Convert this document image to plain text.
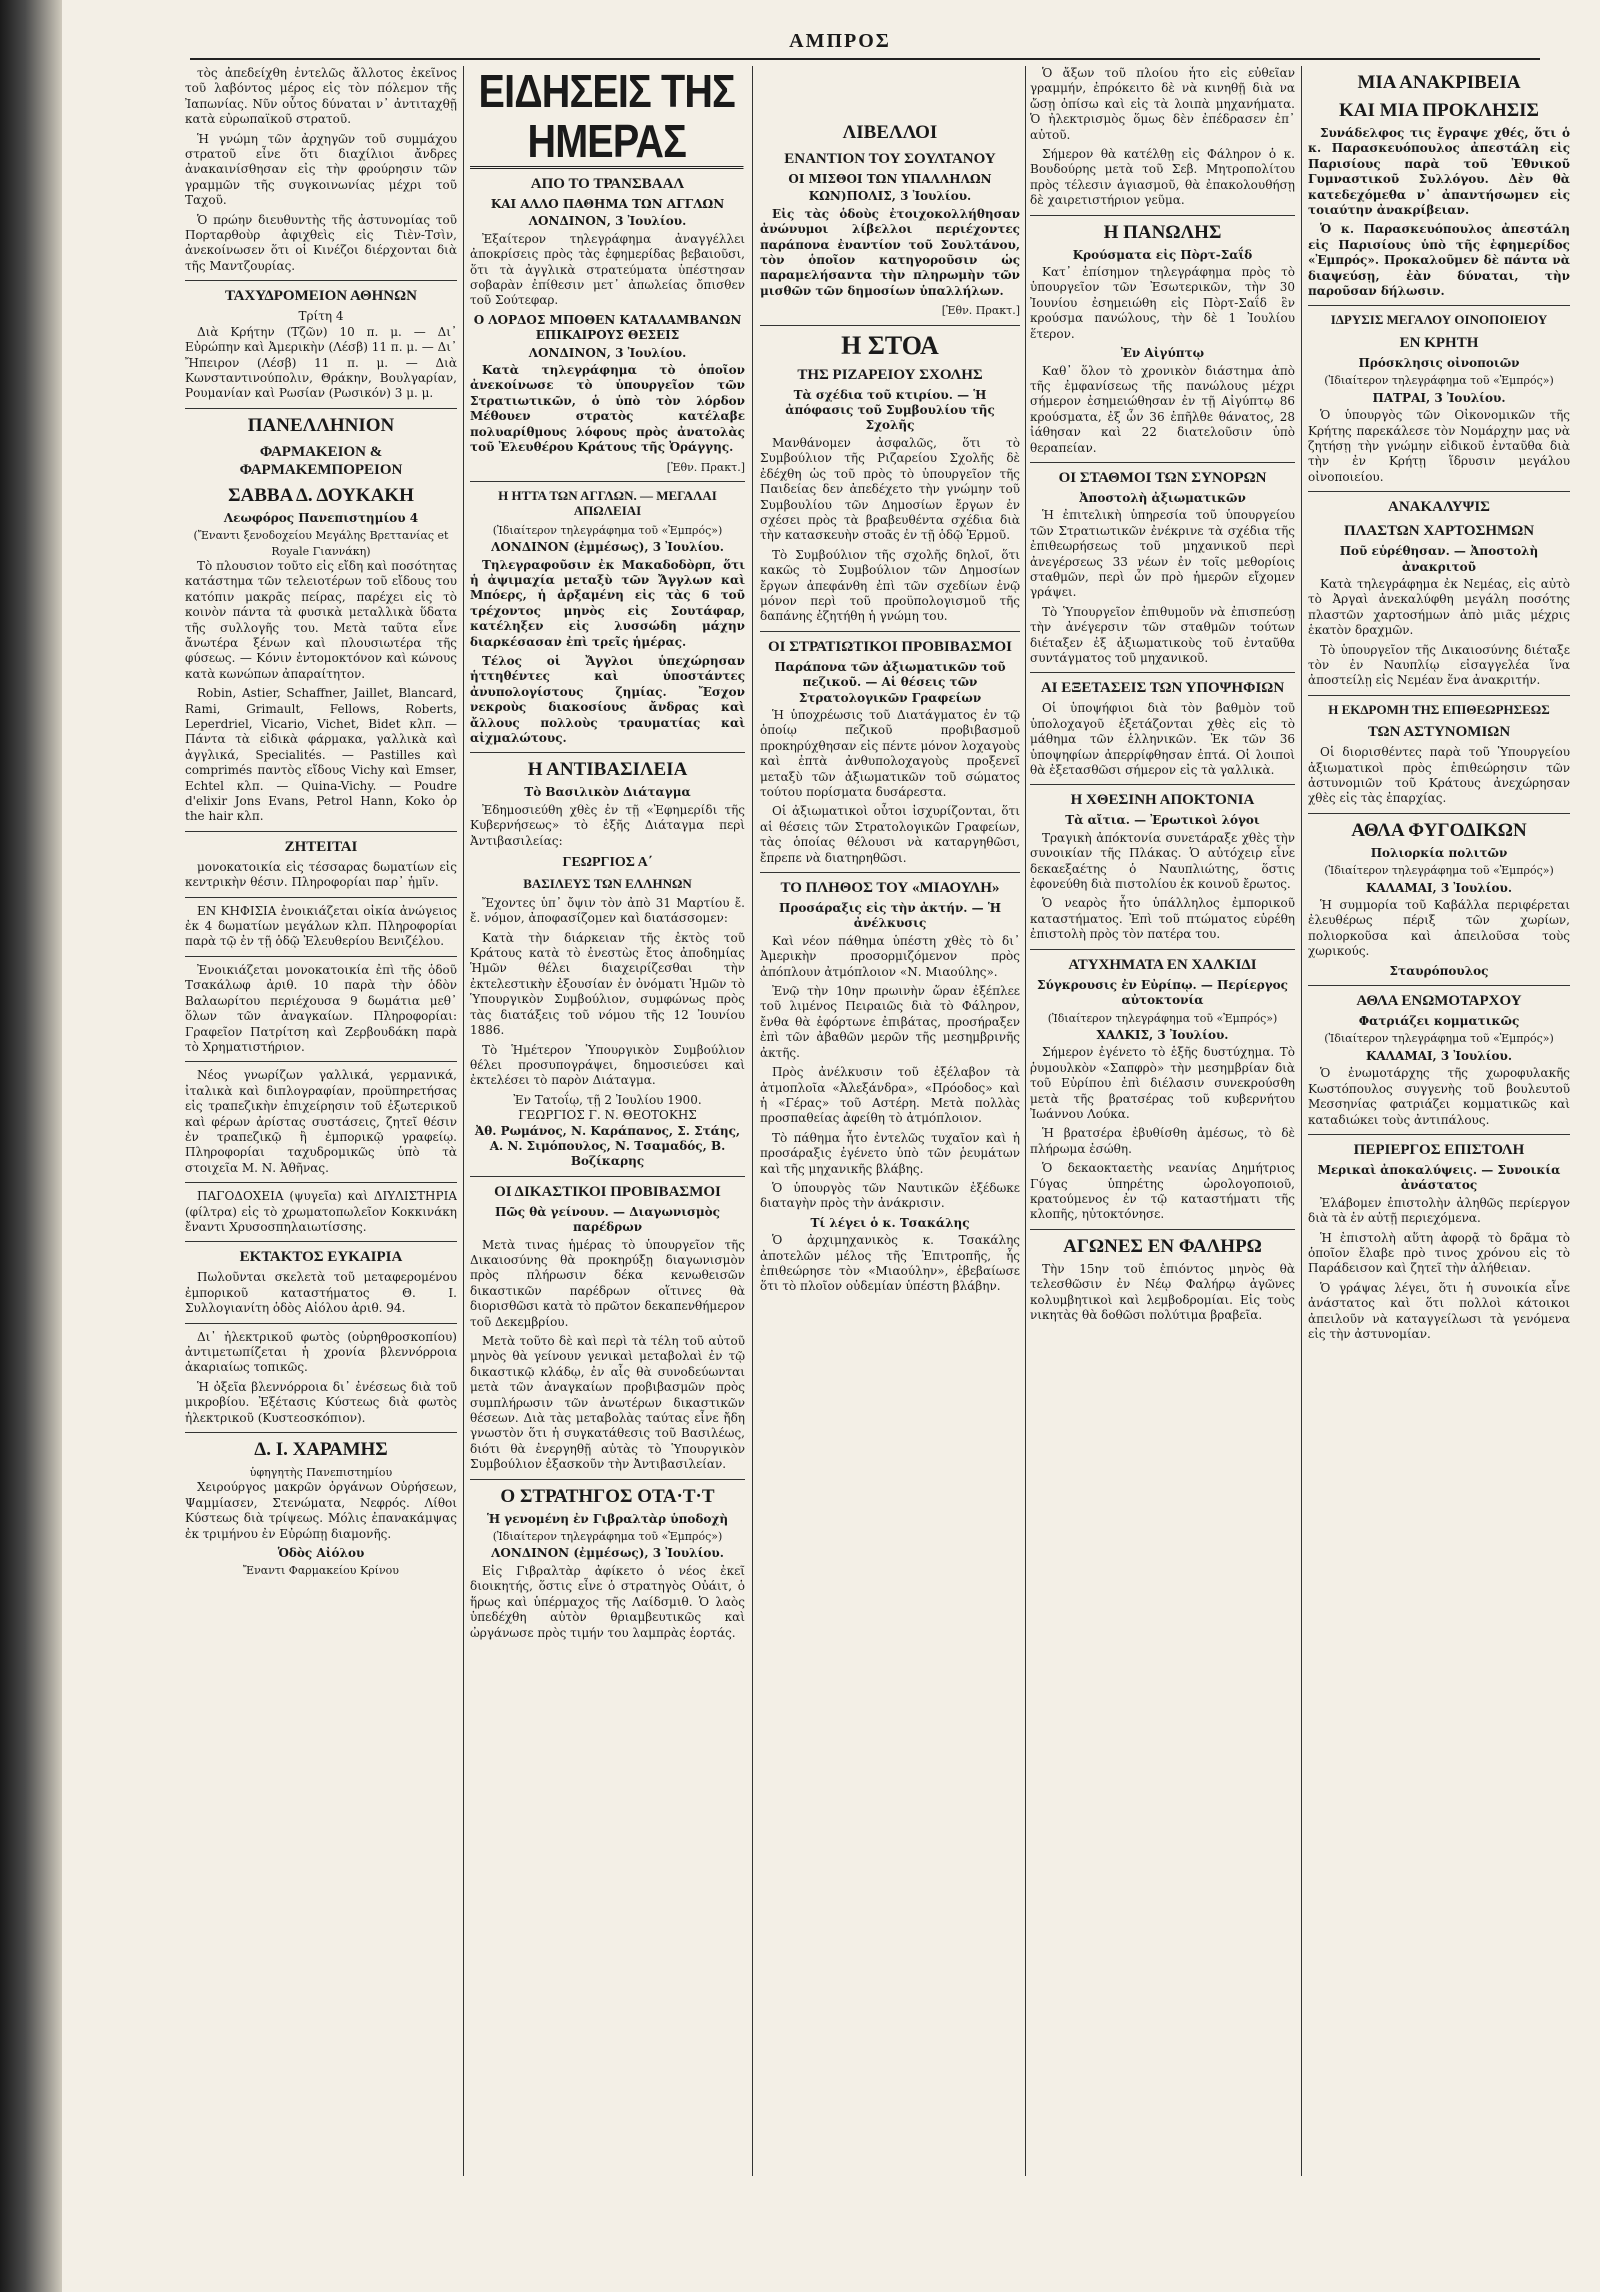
ΑΜΠΡΟΣ

τὸς ἀπεδείχθη ἐντελῶς ἄλλοτος ἐκεῖνος τοῦ λαβόντος μέρος εἰς τὸν πόλεμον τῆς Ἰαπωνίας. Νῦν οὗτος δύναται ν᾽ ἀντιταχθῇ κατὰ εὐρωπαϊκοῦ στρατοῦ.

Ἡ γνώμη τῶν ἀρχηγῶν τοῦ συμμάχου στρατοῦ εἶνε ὅτι διαχίλιοι ἄνδρες ἀνακαινίσθησαν εἰς τὴν φρούρησιν τῶν γραμμῶν τῆς συγκοινωνίας μέχρι τοῦ Ταχοῦ.

Ὁ πρώην διευθυντὴς τῆς ἀστυνομίας τοῦ Πορταρθοὺρ ἀφιχθεὶς εἰς Τιὲν-Τσὶν, ἀνεκοίνωσεν ὅτι οἱ Κινέζοι διέρχονται διὰ τῆς Μαντζουρίας.

ΤΑΧΥΔΡΟΜΕΙΟΝ ΑΘΗΝΩΝ
Τρίτη 4

Διὰ Κρήτην (Τζῶν) 10 π. μ. — Δι᾽ Εὐρώπην καὶ Ἀμερικὴν (Λέσβ) 11 π. μ. — Δι᾽ Ἤπειρον (Λέσβ) 11 π. μ. — Διὰ Κωνσταντινούπολιν, Θράκην, Βουλγαρίαν, Ρουμανίαν καὶ Ρωσίαν (Ρωσικόν) 3 μ. μ.

ΠΑΝΕΛΛΗΝΙΟΝ
ΦΑΡΜΑΚΕΙΟΝ & ΦΑΡΜΑΚΕΜΠΟΡΕΙΟΝ
ΣΑΒΒΑ Δ. ΔΟΥΚΑΚΗ
Λεωφόρος Πανεπιστημίου 4
(Ἔναντι ξενοδοχείου Μεγάλης Βρεττανίας et Royale Γιαννάκη)

Τὸ πλουσιον τοῦτο εἰς εἴδη καὶ ποσότητας κατάστημα τῶν τελειοτέρων τοῦ εἴδους του κατόπιν μακρᾶς πείρας, παρέχει εἰς τὸ κοινὸν πάντα τὰ φυσικὰ μεταλλικὰ ὕδατα τῆς συλλογῆς του. Μετὰ ταῦτα εἶνε ἄνωτέρα ξένων καὶ πλουσιωτέρα τῆς φύσεως. — Κόνιν ἐντομοκτόνον καὶ κώνους κατὰ κωνώπων ἀπαραίτητον.

Robin, Astier, Schaffner, Jaillet, Blancard, Rami, Grimault, Fellows, Roberts, Leperdriel, Vicario, Vichet, Bidet κλπ. — Πάντα τὰ εἰδικὰ φάρμακα, γαλλικὰ καὶ ἀγγλικά, Specialités. — Pastilles καὶ comprimés παντὸς εἴδους Vichy καὶ Emser, Echtel κλπ. — Quina-Vichy. — Poudre d'elixir Jons Evans, Petrol Hann, Koko ὀρ the hair κλπ.

ΖΗΤΕΙΤΑΙ

μονοκατοικία εἰς τέσσαρας δωματίων εἰς κεντρικὴν θέσιν. Πληροφορίαι παρ᾽ ἡμῖν.

ΕΝ ΚΗΦΙΣΙΑ ἐνοικιάζεται οἰκία ἀνώγειος ἐκ 4 δωματίων μεγάλων κλπ. Πληροφορίαι παρὰ τῷ ἐν τῇ ὁδῷ Ἐλευθερίου Βενιζέλου.

Ἐνοικιάζεται μονοκατοικία ἐπὶ τῆς ὁδοῦ Τσακάλωφ ἀριθ. 10 παρὰ τὴν ὁδὸν Βαλαωρίτου περιέχουσα 9 δωμάτια μεθ᾽ ὅλων τῶν ἀναγκαίων. Πληροφορίαι: Γραφεῖον Πατρίτση καὶ Ζερβουδάκη παρὰ τὸ Χρηματιστήριον.

Νέος γνωρίζων γαλλικά, γερμανικά, ἰταλικὰ καὶ διπλογραφίαν, προϋπηρετήσας εἰς τραπεζικὴν ἐπιχείρησιν τοῦ ἐξωτερικοῦ καὶ φέρων ἀρίστας συστάσεις, ζητεῖ θέσιν ἐν τραπεζικῷ ἢ ἐμπορικῷ γραφείῳ. Πληροφορίαι ταχυδρομικῶς ὑπὸ τὰ στοιχεῖα Μ. Ν. Ἀθῆνας.

ΠΑΓΟΔΟΧΕΙΑ (ψυγεῖα) καὶ ΔΙΥΛΙΣΤΗΡΙΑ (φίλτρα) εἰς τὸ χρωματοπωλεῖον Κοκκινάκη ἔναντι Χρυσοσπηλαιωτίσσης.

ΕΚΤΑΚΤΟΣ ΕΥΚΑΙΡΙΑ

Πωλοῦνται σκελετὰ τοῦ μεταφερομένου ἐμπορικοῦ καταστήματος Θ. Ι. Συλλογιανίτη ὁδὸς Αἰόλου ἀριθ. 94.

Δι᾽ ἠλεκτρικοῦ φωτὸς (οὐρηθροσκοπίου) ἀντιμετωπίζεται ἡ χρονία βλεννόρροια ἀκαριαίως τοπικῶς.

Ἡ ὀξεῖα βλεννόρροια δι᾽ ἐνέσεως διὰ τοῦ μικροβίου. Ἐξέτασις Κύστεως διὰ φωτὸς ἠλεκτρικοῦ (Κυστεοσκόπιον).

Δ. Ι. ΧΑΡΑΜΗΣ
ὑφηγητὴς Πανεπιστημίου

Χειρούργος μακρῶν ὀργάνων Οὐρήσεων, Ψαμμίασεν, Στενώματα, Νεφρός. Λίθοι Κύστεως διὰ τρίψεως. Μόλις ἐπανακάμψας ἐκ τριμήνου ἐν Εὐρώπῃ διαμονῆς.

Ὁδὸς Αἰόλου
Ἔναντι Φαρμακείου Κρίνου
ΕΙΔΗΣΕΙΣ ΤΗΣ ΗΜΕΡΑΣ
ΑΠΟ ΤΟ ΤΡΑΝΣΒΑΑΛ
ΚΑΙ ΑΛΛΟ ΠΑΘΗΜΑ ΤΩΝ ΑΓΓΛΩΝ
ΛΟΝΔΙΝΟΝ, 3 Ἰουλίου.

Ἐξαίτερον τηλεγράφημα ἀναγγέλλει ἀποκρίσεις πρὸς τὰς ἐφημερίδας βεβαιοῦσι, ὅτι τὰ ἀγγλικὰ στρατεύματα ὑπέστησαν σοβαρὰν ἐπίθεσιν μετ᾽ ἀπωλείας ὄπισθεν τοῦ Σούτεφαρ.

Ο ΛΟΡΔΟΣ ΜΠΟΘΕΝ ΚΑΤΑΛΑΜΒΑΝΩΝ ΕΠΙΚΑΙΡΟΥΣ ΘΕΣΕΙΣ
ΛΟΝΔΙΝΟΝ, 3 Ἰουλίου.

Κατὰ τηλεγράφημα τὸ ὁποῖον ἀνεκοίνωσε τὸ ὑπουργεῖον τῶν Στρατιωτικῶν, ὁ ὑπὸ τὸν λόρδον Μέθουεν στρατὸς κατέλαβε πολυαρίθμους λόφους πρὸς ἀνατολὰς τοῦ Ἐλευθέρου Κράτους τῆς Ὀράγγης.

[Ἐθν. Πρακτ.]
Η ΗΤΤΑ ΤΩΝ ΑΓΓΛΩΝ. — ΜΕΓΑΛΑΙ ΑΠΩΛΕΙΑΙ
(Ἰδιαίτερον τηλεγράφημα τοῦ «Ἐμπρός»)
ΛΟΝΔΙΝΟΝ (ἐμμέσως), 3 Ἰουλίου.

Τηλεγραφοῦσιν ἐκ Μακαδοδὸρπ, ὅτι ἡ ἀψιμαχία μεταξὺ τῶν Ἄγγλων καὶ Μπόερς, ἡ ἀρξαμένη εἰς τὰς 6 τοῦ τρέχοντος μηνὸς εἰς Σουτάφαρ, κατέληξεν εἰς λυσσώδη μάχην διαρκέσασαν ἐπὶ τρεῖς ἡμέρας.

Τέλος οἱ Ἄγγλοι ὑπεχώρησαν ἡττηθέντες καὶ ὑποστάντες ἀνυπολογίστους ζημίας. Ἔσχον νεκροὺς διακοσίους ἄνδρας καὶ ἄλλους πολλοὺς τραυματίας καὶ αἰχμαλώτους.

Η ΑΝΤΙΒΑΣΙΛΕΙΑ
Τὸ Βασιλικὸν Διάταγμα

Ἐδημοσιεύθη χθὲς ἐν τῇ «Ἐφημερίδι τῆς Κυβερνήσεως» τὸ ἑξῆς Διάταγμα περὶ Ἀντιβασιλείας:

ΓΕΩΡΓΙΟΣ Α΄
ΒΑΣΙΛΕΥΣ ΤΩΝ ΕΛΛΗΝΩΝ

Ἔχοντες ὑπ᾽ ὄψιν τὸν ἀπὸ 31 Μαρτίου ἔ. ἔ. νόμον, ἀποφασίζομεν καὶ διατάσσομεν:

Κατὰ τὴν διάρκειαν τῆς ἐκτὸς τοῦ Κράτους κατὰ τὸ ἐνεστὼς ἔτος ἀποδημίας Ἡμῶν θέλει διαχειρίζεσθαι τὴν ἐκτελεστικὴν ἐξουσίαν ἐν ὀνόματι Ἡμῶν τὸ Ὑπουργικὸν Συμβούλιον, συμφώνως πρὸς τὰς διατάξεις τοῦ νόμου τῆς 12 Ἰουνίου 1886.

Τὸ Ἡμέτερον Ὑπουργικὸν Συμβούλιον θέλει προσυπογράψει, δημοσιεύσει καὶ ἐκτελέσει τὸ παρὸν Διάταγμα.

Ἐν Τατοΐῳ, τῇ 2 Ἰουλίου 1900.
ΓΕΩΡΓΙΟΣ Γ. Ν. ΘΕΟΤΟΚΗΣ
Ἀθ. Ρωμάνος, Ν. Καράπανος, Σ. Στάης, Α. Ν. Σιμόπουλος, Ν. Τσαμαδός, Β. Βοζίκαρης
ΟΙ ΔΙΚΑΣΤΙΚΟΙ ΠΡΟΒΙΒΑΣΜΟΙ
Πῶς θὰ γείνουν. — Διαγωνισμὸς παρέδρων

Μετὰ τινας ἡμέρας τὸ ὑπουργεῖον τῆς Δικαιοσύνης θὰ προκηρύξῃ διαγωνισμὸν πρὸς πλήρωσιν δέκα κενωθεισῶν δικαστικῶν παρέδρων οἵτινες θὰ διορισθῶσι κατὰ τὸ πρῶτον δεκαπενθήμερον τοῦ Δεκεμβρίου.

Μετὰ τοῦτο δὲ καὶ περὶ τὰ τέλη τοῦ αὐτοῦ μηνὸς θὰ γείνουν γενικαὶ μεταβολαὶ ἐν τῷ δικαστικῷ κλάδῳ, ἐν αἷς θὰ συνοδεύωνται μετὰ τῶν ἀναγκαίων προβιβασμῶν πρὸς συμπλήρωσιν τῶν ἀνωτέρων δικαστικῶν θέσεων. Διὰ τὰς μεταβολὰς ταύτας εἶνε ἤδη γνωστὸν ὅτι ἡ συγκατάθεσις τοῦ Βασιλέως, διότι θὰ ἐνεργηθῇ αὐτὰς τὸ Ὑπουργικὸν Συμβούλιον ἐξασκοῦν τὴν Ἀντιβασιλείαν.

Ο ΣΤΡΑΤΗΓΟΣ ΟΤΑ·Τ·Τ
Ἡ γενομένη ἐν Γιβραλτὰρ ὑποδοχὴ
(Ἰδιαίτερον τηλεγράφημα τοῦ «Ἐμπρός»)
ΛΟΝΔΙΝΟΝ (ἐμμέσως), 3 Ἰουλίου.

Εἰς Γιβραλτὰρ ἀφίκετο ὁ νέος ἐκεῖ διοικητής, ὅστις εἶνε ὁ στρατηγὸς Οὐάιτ, ὁ ἥρως καὶ ὑπέρμαχος τῆς Λαίδσμιθ. Ὁ λαὸς ὑπεδέχθη αὐτὸν θριαμβευτικῶς καὶ ὠργάνωσε πρὸς τιμήν του λαμπρὰς ἑορτάς.

ΛΙΒΕΛΛΟΙ
ΕΝΑΝΤΙΟΝ ΤΟΥ ΣΟΥΛΤΑΝΟΥ
ΟΙ ΜΙΣΘΟΙ ΤΩΝ ΥΠΑΛΛΗΛΩΝ
ΚΩΝ)ΠΟΛΙΣ, 3 Ἰουλίου.

Εἰς τὰς ὁδοὺς ἐτοιχοκολλήθησαν ἀνώνυμοι λίβελλοι περιέχοντες παράπονα ἐναντίον τοῦ Σουλτάνου, τὸν ὁποῖον κατηγοροῦσιν ὡς παραμελήσαντα τὴν πληρωμὴν τῶν μισθῶν τῶν δημοσίων ὑπαλλήλων.

[Ἐθν. Πρακτ.]
Η ΣΤΟΑ
ΤΗΣ ΡΙΖΑΡΕΙΟΥ ΣΧΟΛΗΣ
Τὰ σχέδια τοῦ κτιρίου. — Ἡ ἀπόφασις τοῦ Συμβουλίου τῆς Σχολῆς

Μανθάνομεν ἀσφαλῶς, ὅτι τὸ Συμβούλιον τῆς Ριζαρείου Σχολῆς δὲ ἐδέχθη ὡς τοῦ πρὸς τὸ ὑπουργεῖον τῆς Παιδείας δεν ἀπεδέχετο τὴν γνώμην τοῦ Συμβουλίου τῶν Δημοσίων ἔργων ἐν σχέσει πρὸς τὰ βραβευθέντα σχέδια διὰ τὴν κατασκευὴν στοᾶς ἐν τῇ ὁδῷ Ἑρμοῦ.

Τὸ Συμβούλιον τῆς σχολῆς δηλοῖ, ὅτι κακῶς τὸ Συμβούλιον τῶν Δημοσίων ἔργων ἀπεφάνθη ἐπὶ τῶν σχεδίων ἐνῷ μόνον περὶ τοῦ προϋπολογισμοῦ τῆς δαπάνης ἐζητήθη ἡ γνώμη του.

ΟΙ ΣΤΡΑΤΙΩΤΙΚΟΙ ΠΡΟΒΙΒΑΣΜΟΙ
Παράπονα τῶν ἀξιωματικῶν τοῦ πεζικοῦ. — Αἱ θέσεις τῶν Στρατολογικῶν Γραφείων

Ἡ ὑποχρέωσις τοῦ Διατάγματος ἐν τῷ ὁποίῳ πεζικοῦ προβιβασμοῦ προκηρύχθησαν εἰς πέντε μόνον λοχαγοὺς καὶ ἐπτὰ ἀνθυπολοχαγοὺς προξενεῖ μεταξὺ τῶν ἀξιωματικῶν τοῦ σώματος τούτου πορίσματα δυσάρεστα.

Οἱ ἀξιωματικοὶ οὗτοι ἰσχυρίζονται, ὅτι αἱ θέσεις τῶν Στρατολογικῶν Γραφείων, τὰς ὁποίας θέλουσι νὰ καταργηθῶσι, ἔπρεπε νὰ διατηρηθῶσι.

ΤΟ ΠΛΗΘΟΣ ΤΟΥ «ΜΙΑΟΥΛΗ»
Προσάραξις εἰς τὴν ἀκτήν. — Ἡ ἀνέλκυσις

Καὶ νέον πάθημα ὑπέστη χθὲς τὸ δι᾽ Ἀμερικὴν προσορμιζόμενον πρὸς ἀπόπλουν ἀτμόπλοιον «Ν. Μιαούλης».

Ἐνῷ τὴν 10ην πρωινὴν ὥραν ἐξέπλεε τοῦ λιμένος Πειραιῶς διὰ τὸ Φάληρον, ἔνθα θὰ ἐφόρτωνε ἐπιβάτας, προσήραξεν ἐπὶ τῶν ἀβαθῶν μερῶν τῆς μεσημβρινῆς ἀκτῆς.

Πρὸς ἀνέλκυσιν τοῦ ἐξέλαβον τὰ ἀτμοπλοῖα «Ἀλεξάνδρα», «Πρόοδος» καὶ ἡ «Γέρας» τοῦ Αστέρη. Μετὰ πολλὰς προσπαθείας ἀφείθη τὸ ἀτμόπλοιον.

Τὸ πάθημα ἦτο ἐντελῶς τυχαῖον καὶ ἡ προσάραξις ἐγένετο ὑπὸ τῶν ῥευμάτων καὶ τῆς μηχανικῆς βλάβης.

Ὁ ὑπουργὸς τῶν Ναυτικῶν ἐξέδωκε διαταγὴν πρὸς τὴν ἀνάκρισιν.

Τί λέγει ὁ κ. Τσακάλης

Ὁ ἀρχιμηχανικὸς κ. Τσακάλης ἀποτελῶν μέλος τῆς Ἐπιτροπῆς, ἧς ἐπιθεώρησε τὸν «Μιαούλην», ἐβεβαίωσε ὅτι τὸ πλοῖον οὐδεμίαν ὑπέστη βλάβην.

Ὁ ἄξων τοῦ πλοίου ἦτο εἰς εὐθεῖαν γραμμήν, ἐπρόκειτο δὲ νὰ κινηθῇ διὰ να ὤσῃ ὀπίσω καὶ εἰς τὰ λοιπὰ μηχανήματα. Ὁ ἠλεκτρισμὸς ὅμως δὲν ἐπέδρασεν ἐπ᾽ αὐτοῦ.

Σήμερον θὰ κατέλθῃ εἰς Φάληρον ὁ κ. Βουδούρης μετὰ τοῦ Σεβ. Μητροπολίτου πρὸς τέλεσιν ἁγιασμοῦ, θὰ ἐπακολουθήσῃ δὲ χαιρετιστήριον γεῦμα.

Η ΠΑΝΩΛΗΣ
Κρούσματα εἰς Πὸρτ-Σαΐδ

Κατ᾽ ἐπίσημον τηλεγράφημα πρὸς τὸ ὑπουργεῖον τῶν Ἐσωτερικῶν, τὴν 30 Ἰουνίου ἐσημειώθη εἰς Πὸρτ-Σαΐδ ἓν κρούσμα πανώλους, τὴν δὲ 1 Ἰουλίου ἕτερον.

Ἐν Αἰγύπτῳ

Καθ᾽ ὅλον τὸ χρονικὸν διάστημα ἀπὸ τῆς ἐμφανίσεως τῆς πανώλους μέχρι σήμερον ἐσημειώθησαν ἐν τῇ Αἰγύπτῳ 86 κρούσματα, ἐξ ὧν 36 ἐπῆλθε θάνατος, 28 ἰάθησαν καὶ 22 διατελοῦσιν ὑπὸ θεραπείαν.

ΟΙ ΣΤΑΘΜΟΙ ΤΩΝ ΣΥΝΟΡΩΝ
Ἀποστολὴ ἀξιωματικῶν

Ἡ ἐπιτελικὴ ὑπηρεσία τοῦ ὑπουργείου τῶν Στρατιωτικῶν ἐνέκρινε τὰ σχέδια τῆς ἐπιθεωρήσεως τοῦ μηχανικοῦ περὶ ἀνεγέρσεως 33 νέων ἐν τοῖς μεθορίοις σταθμῶν, περὶ ὧν πρὸ ἡμερῶν εἴχομεν γράψει.

Τὸ Ὑπουργεῖον ἐπιθυμοῦν νὰ ἐπισπεύσῃ τὴν ἀνέγερσιν τῶν σταθμῶν τούτων διέταξεν ἐξ ἀξιωματικοὺς τοῦ ἐνταῦθα συντάγματος τοῦ μηχανικοῦ.

ΑΙ ΕΞΕΤΑΣΕΙΣ ΤΩΝ ΥΠΟΨΗΦΙΩΝ

Οἱ ὑποψήφιοι διὰ τὸν βαθμὸν τοῦ ὑπολοχαγοῦ ἐξετάζονται χθὲς εἰς τὸ μάθημα τῶν ἑλληνικῶν. Ἐκ τῶν 36 ὑποψηφίων ἀπερρίφθησαν ἐπτά. Οἱ λοιποὶ θὰ ἐξετασθῶσι σήμερον εἰς τὰ γαλλικὰ.

Η ΧΘΕΣΙΝΗ ΑΠΟΚΤΟΝΙΑ
Τὰ αἴτια. — Ἐρωτικοὶ λόγοι

Τραγικὴ ἀπόκτονία συνετάραξε χθὲς τὴν συνοικίαν τῆς Πλάκας. Ὁ αὐτόχειρ εἶνε δεκαεξαέτης ὁ Ναυπλιώτης, ὅστις ἐφονεύθη διὰ πιστολίου ἐκ κοινοῦ ἔρωτος.

Ὁ νεαρὸς ἦτο ὑπάλληλος ἐμπορικοῦ καταστήματος. Ἐπὶ τοῦ πτώματος εὑρέθη ἐπιστολὴ πρὸς τὸν πατέρα του.

ΑΤΥΧΗΜΑΤΑ ΕΝ ΧΑΛΚΙΔΙ
Σύγκρουσις ἐν Εὐρίπῳ. — Περίεργος αὐτοκτονία
(Ἰδιαίτερον τηλεγράφημα τοῦ «Ἐμπρός»)
ΧΑΛΚΙΣ, 3 Ἰουλίου.

Σήμερον ἐγένετο τὸ ἑξῆς δυστύχημα. Τὸ ῥυμουλκὸν «Σαπφρὸ» τὴν μεσημβρίαν διὰ τοῦ Εὐρίπου ἐπὶ διέλασιν συνεκρούσθη μετὰ τῆς βρατσέρας τοῦ κυβερνήτου Ἰωάννου Λούκα.

Ἡ βρατσέρα ἐβυθίσθη ἀμέσως, τὸ δὲ πλήρωμα ἐσώθη.

Ὁ δεκαοκταετὴς νεανίας Δημήτριος Γύγας ὑπηρέτης ὡρολογοποιοῦ, κρατούμενος ἐν τῷ καταστήματι τῆς κλοπῆς, ηὐτοκτόνησε.

ΑΓΩΝΕΣ ΕΝ ΦΑΛΗΡΩ

Τὴν 15ην τοῦ ἐπιόντος μηνὸς θὰ τελεσθῶσιν ἐν Νέῳ Φαλήρῳ ἀγῶνες κολυμβητικοὶ καὶ λεμβοδρομίαι. Εἰς τοὺς νικητὰς θὰ δοθῶσι πολύτιμα βραβεῖα.

ΜΙΑ ΑΝΑΚΡΙΒΕΙΑ
ΚΑΙ ΜΙΑ ΠΡΟΚΛΗΣΙΣ

Συνάδελφος τις ἔγραψε χθές, ὅτι ὁ κ. Παρασκευόπουλος ἀπεστάλη εἰς Παρισίους παρὰ τοῦ Ἐθνικοῦ Γυμναστικοῦ Συλλόγου. Δὲν θὰ κατεδεχόμεθα ν᾽ ἀπαντήσωμεν εἰς τοιαύτην ἀνακρίβειαν.

Ὁ κ. Παρασκευόπουλος ἀπεστάλη εἰς Παρισίους ὑπὸ τῆς ἐφημερίδος «Ἐμπρός». Προκαλοῦμεν δὲ πάντα νὰ διαψεύσῃ, ἐὰν δύναται, τὴν παροῦσαν δήλωσιν.

ΙΔΡΥΣΙΣ ΜΕΓΑΛΟΥ ΟΙΝΟΠΟΙΕΙΟΥ
ΕΝ ΚΡΗΤΗ
Πρόσκλησις οἰνοποιῶν
(Ἰδιαίτερον τηλεγράφημα τοῦ «Ἐμπρός»)
ΠΑΤΡΑΙ, 3 Ἰουλίου.

Ὁ ὑπουργὸς τῶν Οἰκονομικῶν τῆς Κρήτης παρεκάλεσε τὸν Νομάρχην μας νὰ ζητήσῃ τὴν γνώμην εἰδικοῦ ἐνταῦθα διὰ τὴν ἐν Κρήτῃ ἵδρυσιν μεγάλου οἰνοποιείου.

ΑΝΑΚΑΛΥΨΙΣ
ΠΛΑΣΤΩΝ ΧΑΡΤΟΣΗΜΩΝ
Ποῦ εὑρέθησαν. — Ἀποστολὴ ἀνακριτοῦ

Κατὰ τηλεγράφημα ἐκ Νεμέας, εἰς αὐτὸ τὸ Ἀργαὶ ἀνεκαλύφθη μεγάλη ποσότης πλαστῶν χαρτοσήμων ἀπὸ μιᾶς μέχρις ἑκατὸν δραχμῶν.

Τὸ ὑπουργεῖον τῆς Δικαιοσύνης διέταξε τὸν ἐν Ναυπλίῳ εἰσαγγελέα ἵνα ἀποστείλῃ εἰς Νεμέαν ἕνα ἀνακριτήν.

Η ΕΚΔΡΟΜΗ ΤΗΣ ΕΠΙΘΕΩΡΗΣΕΩΣ
ΤΩΝ ΑΣΤΥΝΟΜΙΩΝ

Οἱ διορισθέντες παρὰ τοῦ Ὑπουργείου ἀξιωματικοὶ πρὸς ἐπιθεώρησιν τῶν ἀστυνομιῶν τοῦ Κράτους ἀνεχώρησαν χθὲς εἰς τὰς ἐπαρχίας.

ΑΘΛΑ ΦΥΓΟΔΙΚΩΝ
Πολιορκία πολιτῶν
(Ἰδιαίτερον τηλεγράφημα τοῦ «Ἐμπρός»)
ΚΑΛΑΜΑΙ, 3 Ἰουλίου.

Ἡ συμμορία τοῦ Καβάλλα περιφέρεται ἐλευθέρως πέριξ τῶν χωρίων, πολιορκοῦσα καὶ ἀπειλοῦσα τοὺς χωρικούς.

Σταυρόπουλος
ΑΘΛΑ ΕΝΩΜΟΤΑΡΧΟΥ
Φατριάζει κομματικῶς
(Ἰδιαίτερον τηλεγράφημα τοῦ «Ἐμπρός»)
ΚΑΛΑΜΑΙ, 3 Ἰουλίου.

Ὁ ἐνωμοτάρχης τῆς χωροφυλακῆς Κωστόπουλος συγγενὴς τοῦ βουλευτοῦ Μεσσηνίας φατριάζει κομματικῶς καὶ καταδιώκει τοὺς ἀντιπάλους.

ΠΕΡΙΕΡΓΟΣ ΕΠΙΣΤΟΛΗ
Μερικαὶ ἀποκαλύψεις. — Συνοικία ἀνάστατος

Ἐλάβομεν ἐπιστολὴν ἀληθῶς περίεργον διὰ τὰ ἐν αὐτῇ περιεχόμενα.

Ἡ ἐπιστολὴ αὕτη ἀφορᾷ τὸ δρᾶμα τὸ ὁποῖον ἔλαβε πρὸ τινος χρόνου εἰς τὸ Παράδεισον καὶ ζητεῖ τὴν ἀλήθειαν.

Ὁ γράψας λέγει, ὅτι ἡ συνοικία εἶνε ἀνάστατος καὶ ὅτι πολλοὶ κάτοικοι ἀπειλοῦν νὰ καταγγείλωσι τὰ γενόμενα εἰς τὴν ἀστυνομίαν.
